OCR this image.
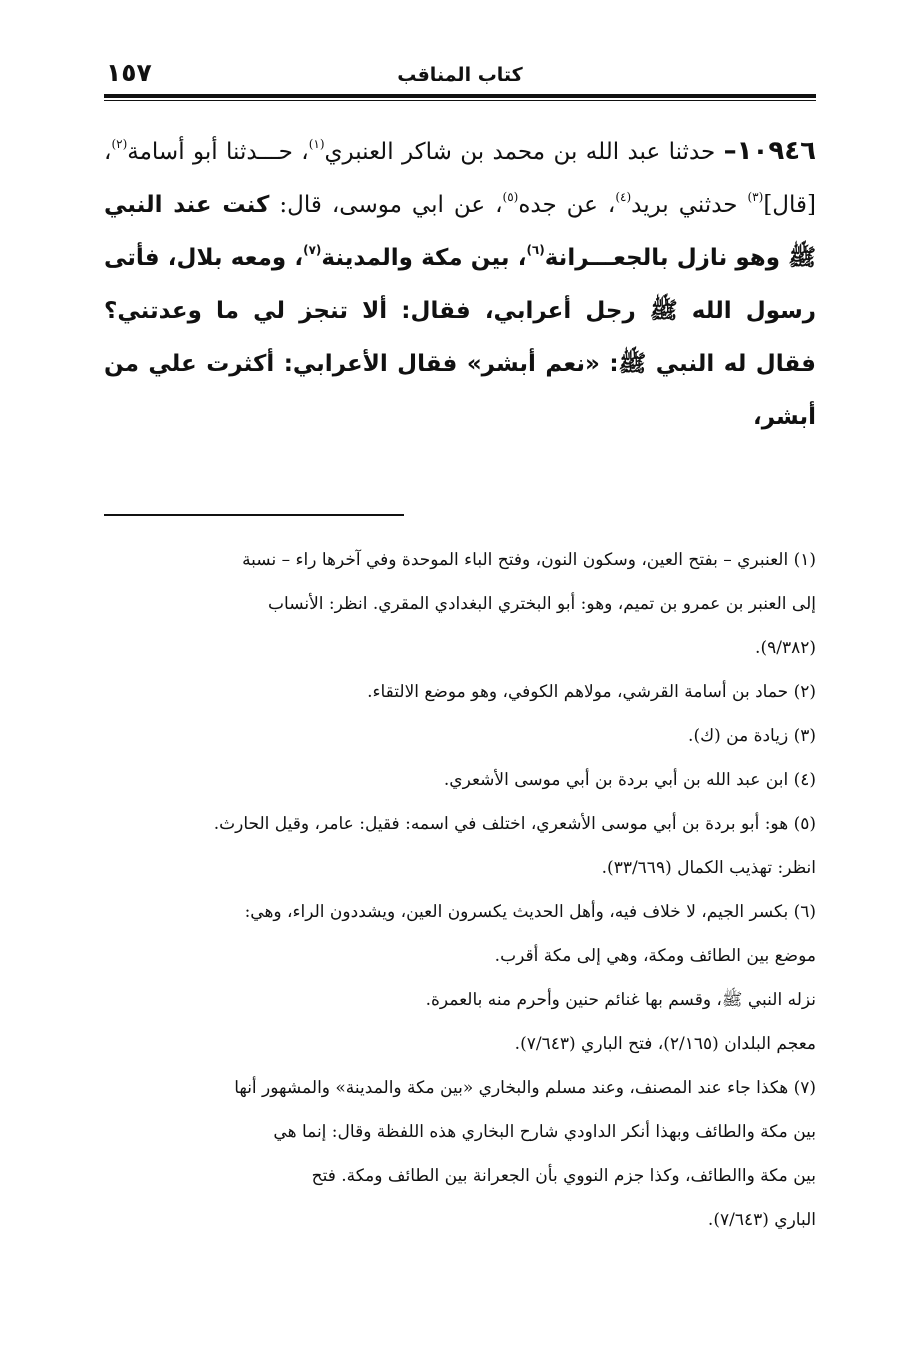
كتاب المناقب
١٥٧
١٠٩٤٦– حدثنا عبد الله بن محمد بن شاكر العنبري$^{(١)}$، حـــدثنا أبو أسامة$^{(٢)}$، [قال]$^{(٣)}$ حدثني بريد$^{(٤)}$، عن جده$^{(٥)}$، عن ابي موسى، قال: كنت عند النبي ﷺ وهو نازل بالجعـــرانة$^{(٦)}$، بين مكة والمدينة$^{(٧)}$، ومعه بلال، فأتى رسول الله ﷺ رجل أعرابي، فقال: ألا تنجز لي ما وعدتني؟ فقال له النبي ﷺ: «نعم أبشر» فقال الأعرابي: أكثرت علي من أبشر،
(١) العنبري – بفتح العين، وسكون النون، وفتح الباء الموحدة وفي آخرها راء – نسبة
إلى العنبر بن عمرو بن تميم، وهو: أبو البختري البغدادي المقري. انظر: الأنساب
(٩/٣٨٢).
(٢) حماد بن أسامة القرشي، مولاهم الكوفي، وهو موضع الالتقاء.
(٣) زيادة من (ك).
(٤) ابن عبد الله بن أبي بردة بن أبي موسى الأشعري.
(٥) هو: أبو بردة بن أبي موسى الأشعري، اختلف في اسمه: فقيل: عامر، وقيل الحارث.
انظر: تهذيب الكمال (٣٣/٦٦٩).
(٦) بكسر الجيم، لا خلاف فيه، وأهل الحديث يكسرون العين، ويشددون الراء، وهي:
موضع بين الطائف ومكة، وهي إلى مكة أقرب.
نزله النبي ﷺ، وقسم بها غنائم حنين وأحرم منه بالعمرة.
معجم البلدان (٢/١٦٥)، فتح الباري (٧/٦٤٣).
(٧) هكذا جاء عند المصنف، وعند مسلم والبخاري «بين مكة والمدينة» والمشهور أنها
بين مكة والطائف وبهذا أنكر الداودي شارح البخاري هذه اللفظة وقال: إنما هي
بين مكة واالطائف، وكذا جزم النووي بأن الجعرانة بين الطائف ومكة. فتح
الباري (٧/٦٤٣).
